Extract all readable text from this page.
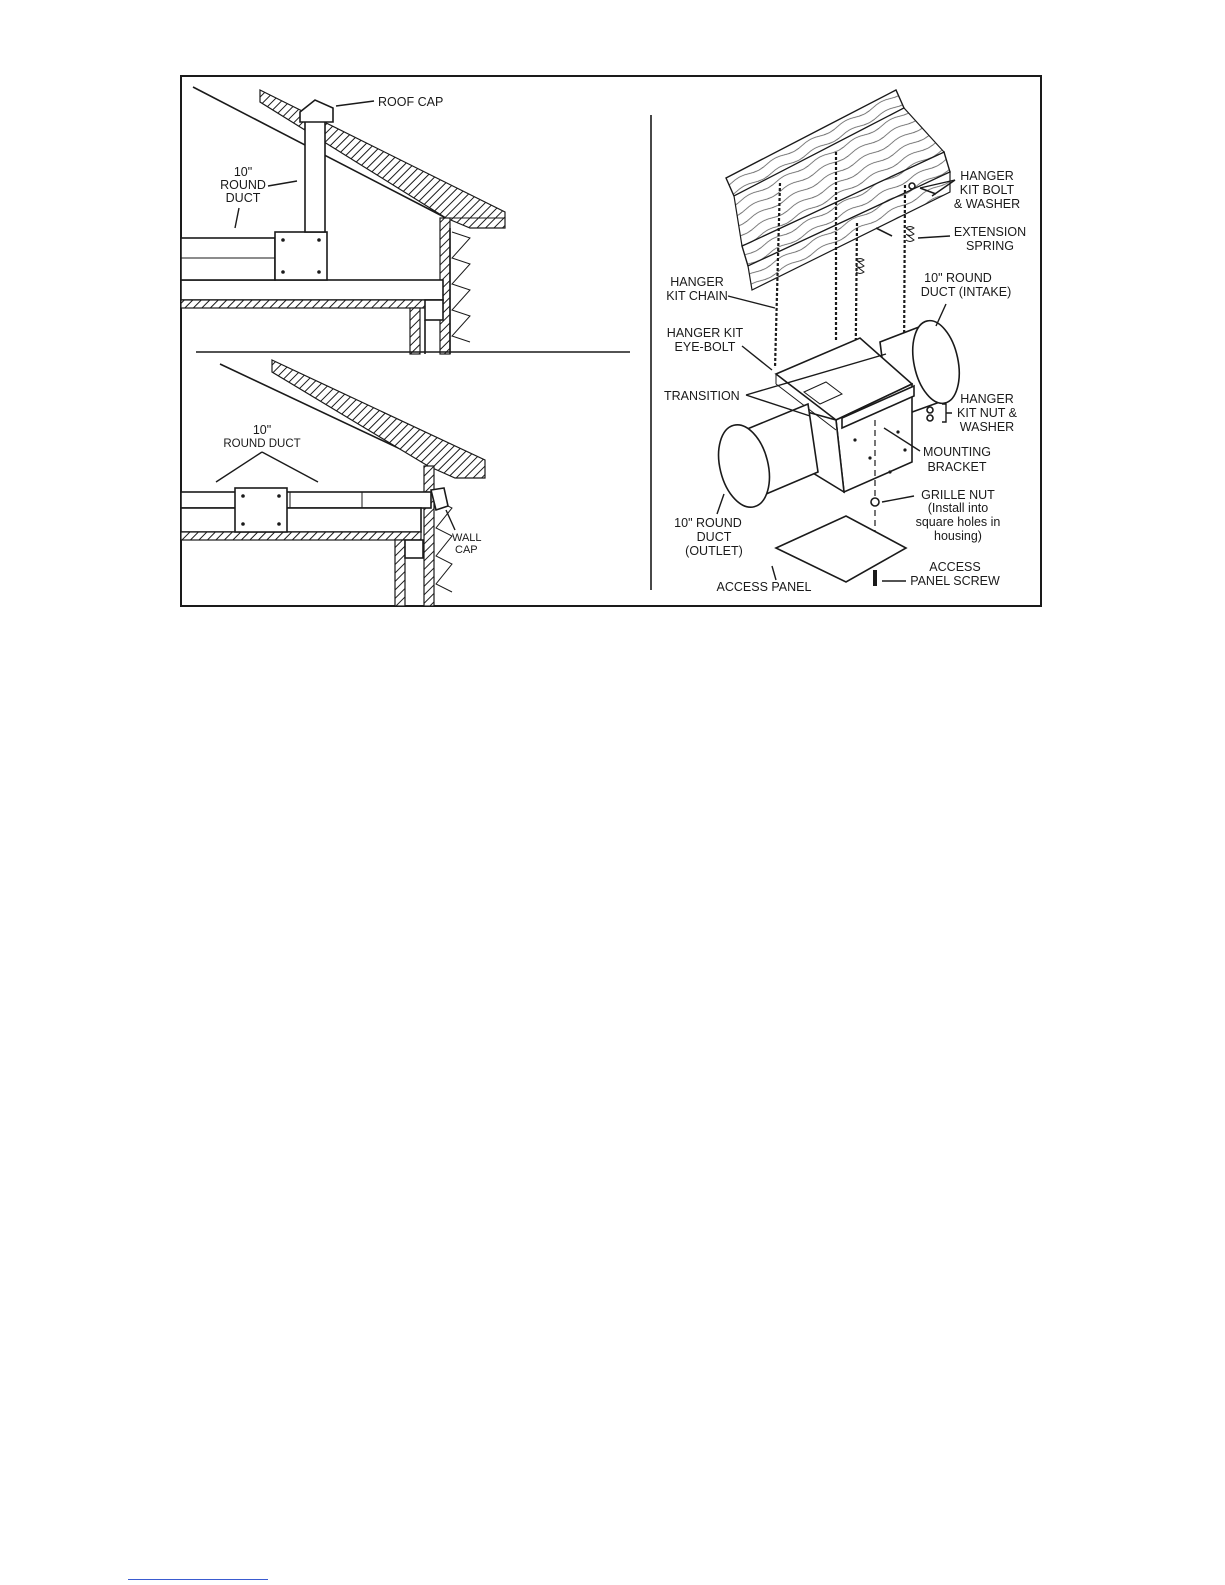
ROOF CAP
10"
ROUND
DUCT
10"
ROUND DUCT
WALL
CAP
HANGER
KIT BOLT
& WASHER
EXTENSION
SPRING
HANGER
KIT CHAIN
10" ROUND
DUCT (INTAKE)
HANGER KIT
EYE-BOLT
TRANSITION	HANGER
KIT NUT &
WASHER
MOUNTING
BRACKET
GRILLE NUT
(Install into
square holes in
housing)
10" ROUND
DUCT
(OUTLET)
ACCESS PANEL
ACCESS
PANEL SCREW
